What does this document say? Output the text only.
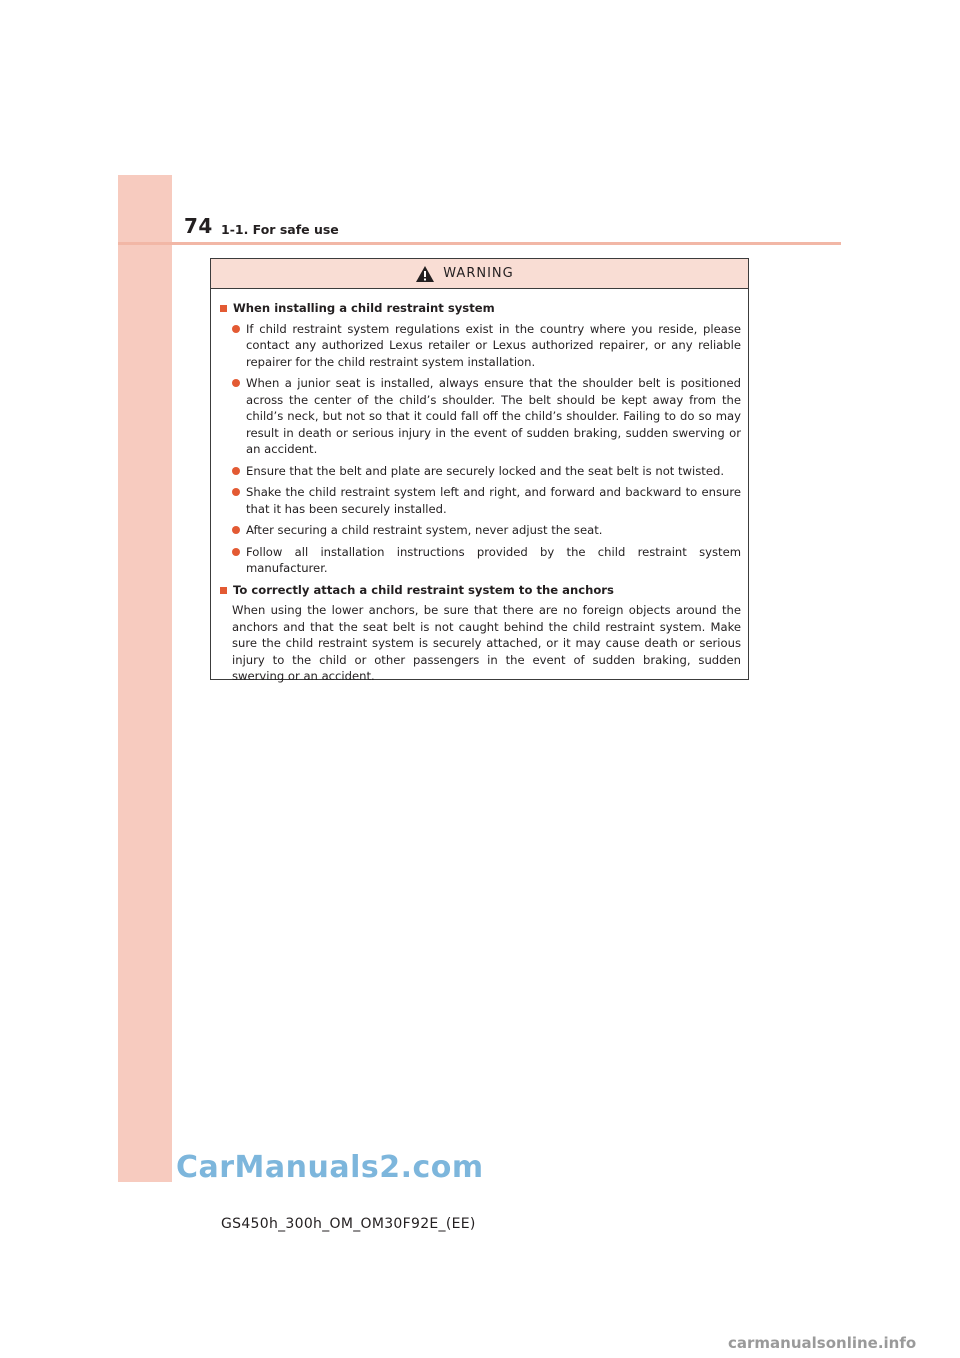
74 1-1. For safe use
WARNING
When installing a child restraint system
If child restraint system regulations exist in the country where you reside, please contact any authorized Lexus retailer or Lexus authorized repairer, or any reliable repairer for the child restraint system installation.
When a junior seat is installed, always ensure that the shoulder belt is positioned across the center of the child’s shoulder. The belt should be kept away from the child’s neck, but not so that it could fall off the child’s shoulder. Failing to do so may result in death or serious injury in the event of sudden braking, sudden swerving or an accident.
Ensure that the belt and plate are securely locked and the seat belt is not twisted.
Shake the child restraint system left and right, and forward and backward to ensure that it has been securely installed.
After securing a child restraint system, never adjust the seat.
Follow all installation instructions provided by the child restraint system manufacturer.
To correctly attach a child restraint system to the anchors
When using the lower anchors, be sure that there are no foreign objects around the anchors and that the seat belt is not caught behind the child restraint system. Make sure the child restraint system is securely attached, or it may cause death or serious injury to the child or other passengers in the event of sudden braking, sudden swerving or an accident.
CarManuals2.com
GS450h_300h_OM_OM30F92E_(EE)
carmanualsonline.info
